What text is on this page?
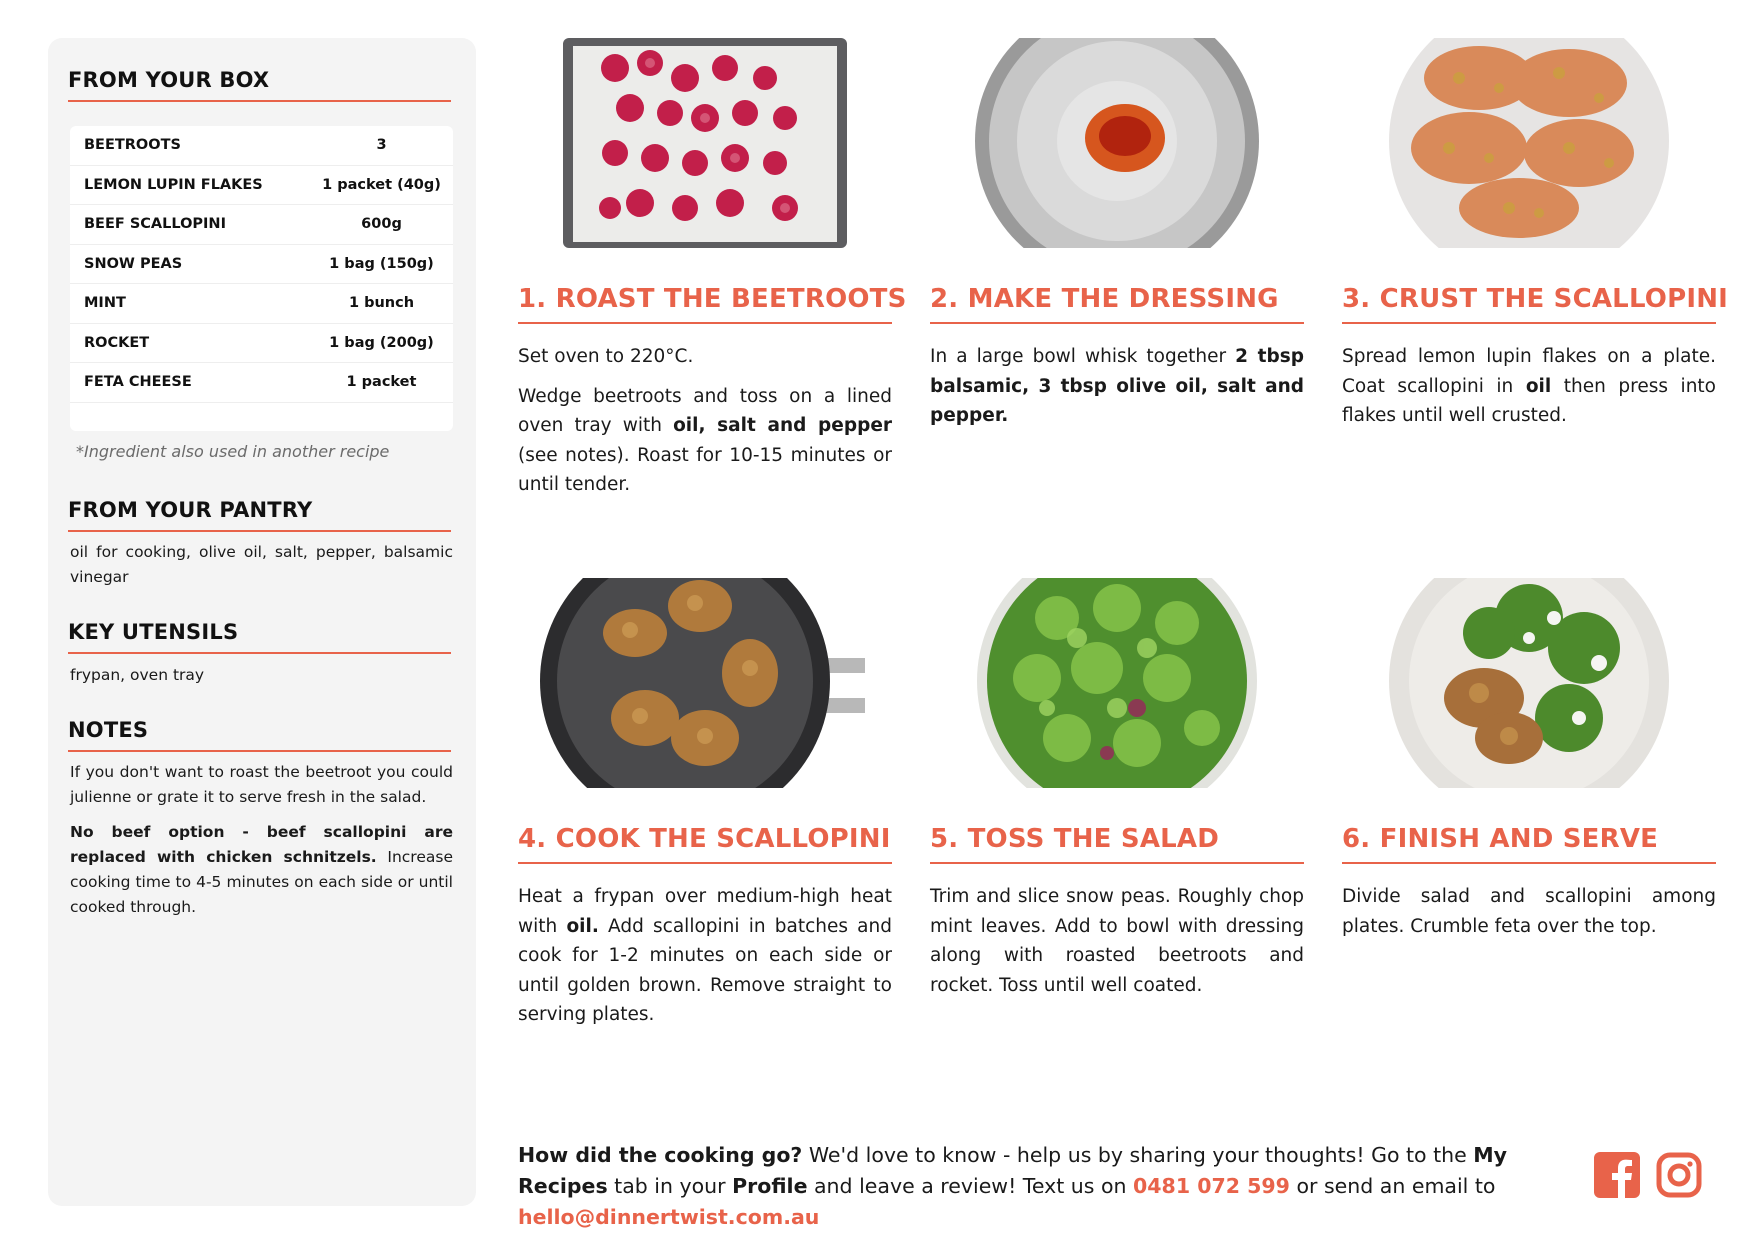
FROM YOUR BOX
BEETROOTS	3
LEMON LUPIN FLAKES	1 packet (40g)
BEEF SCALLOPINI	600g
SNOW PEAS	1 bag (150g)
MINT	1 bunch
ROCKET	1 bag (200g)
FETA CHEESE	1 packet
*Ingredient also used in another recipe
FROM YOUR PANTRY

oil for cooking, olive oil, salt, pepper, balsamic vinegar

KEY UTENSILS

frypan, oven tray

NOTES

If you don't want to roast the beetroot you could julienne or grate it to serve fresh in the salad.

No beef option - beef scallopini are replaced with chicken schnitzels. Increase cooking time to 4-5 minutes on each side or until cooked through.

1. ROAST THE BEETROOTS

Set oven to 220°C.

Wedge beetroots and toss on a lined oven tray with oil, salt and pepper (see notes). Roast for 10-15 minutes or until tender.

2. MAKE THE DRESSING

In a large bowl whisk together 2 tbsp balsamic, 3 tbsp olive oil, salt and pepper.

3. CRUST THE SCALLOPINI

Spread lemon lupin flakes on a plate. Coat scallopini in oil then press into flakes until well crusted.

4. COOK THE SCALLOPINI

Heat a frypan over medium-high heat with oil. Add scallopini in batches and cook for 1-2 minutes on each side or until golden brown. Remove straight to serving plates.

5. TOSS THE SALAD

Trim and slice snow peas. Roughly chop mint leaves. Add to bowl with dressing along with roasted beetroots and rocket. Toss until well coated.

6. FINISH AND SERVE

Divide salad and scallopini among plates. Crumble feta over the top.

How did the cooking go? We'd love to know - help us by sharing your thoughts! Go to the My Recipes tab in your Profile and leave a review! Text us on 0481 072 599 or send an email to hello@dinnertwist.com.au
